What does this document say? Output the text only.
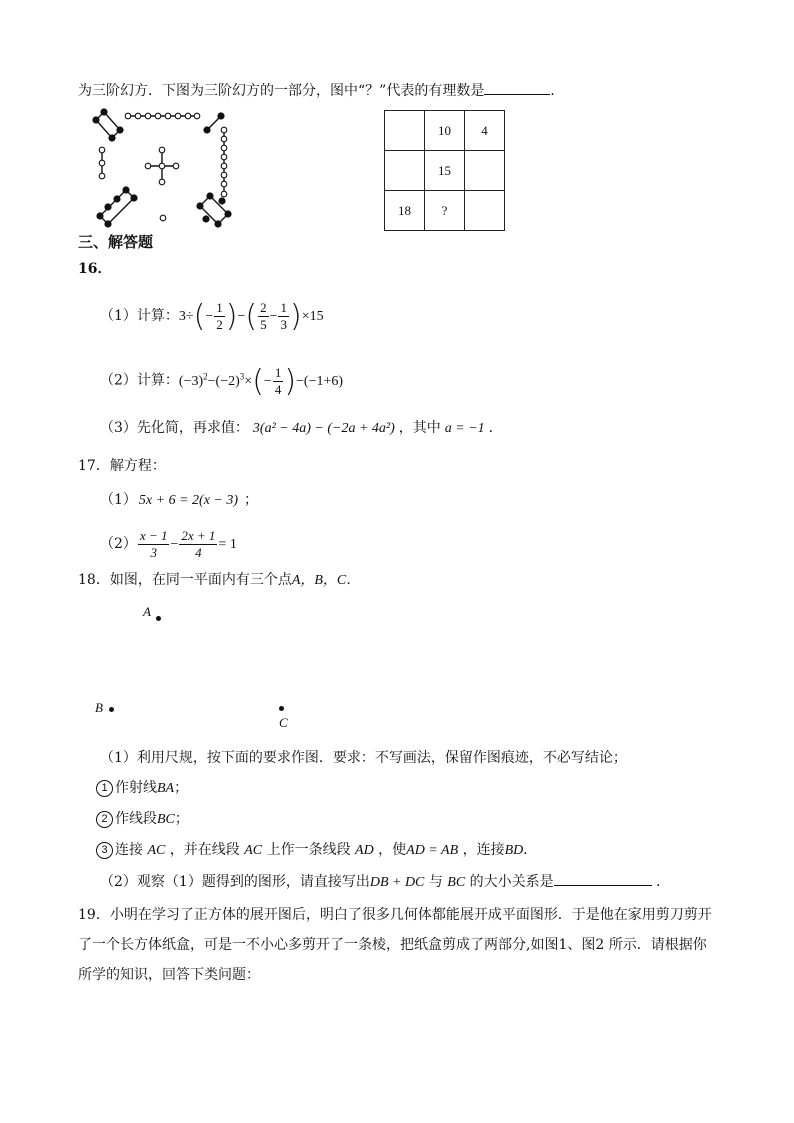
为三阶幻方．下图为三阶幻方的一部分，图中“？”代表的有理数是	．
	10	4
	15	
18	?	
三、解答题
16．
（1）计算：$3\div(- \frac{1}{2}$ )−( $\frac{2}{5} - \frac{1}{3} )\times 15$
（2）计算：$(-3)^2-(-2)^3\times(- \frac{1}{4} )-(-1+6)$
（3）先化简，再求值： 3(a² − 4a) − (−2a + 4a²) ，其中 a = −1 ．
17．解方程：
（1） 5x + 6 = 2(x − 3) ；
$(2) \frac{x - 1}{3} - \frac{2x + 1}{4} = 1$
18．如图，在同一平面内有三个点A，B，C．
A
B
C
（1）利用尺规，按下面的要求作图．要求：不写画法，保留作图痕迹，不必写结论；
1 作射线BA；
2 作线段BC；
3 连接 AC ，并在线段 AC 上作一条线段 AD ，使AD = AB ，连接BD．
（2）观察（1）题得到的图形，请直接写出DB + DC 与 BC 的大小关系是	．
19．小明在学习了正方体的展开图后，明白了很多几何体都能展开成平面图形．于是他在家用剪刀剪开
了一个长方体纸盒，可是一不小心多剪开了一条棱，把纸盒剪成了两部分,如图1、图2 所示．请根据你
所学的知识，回答下类问题：
